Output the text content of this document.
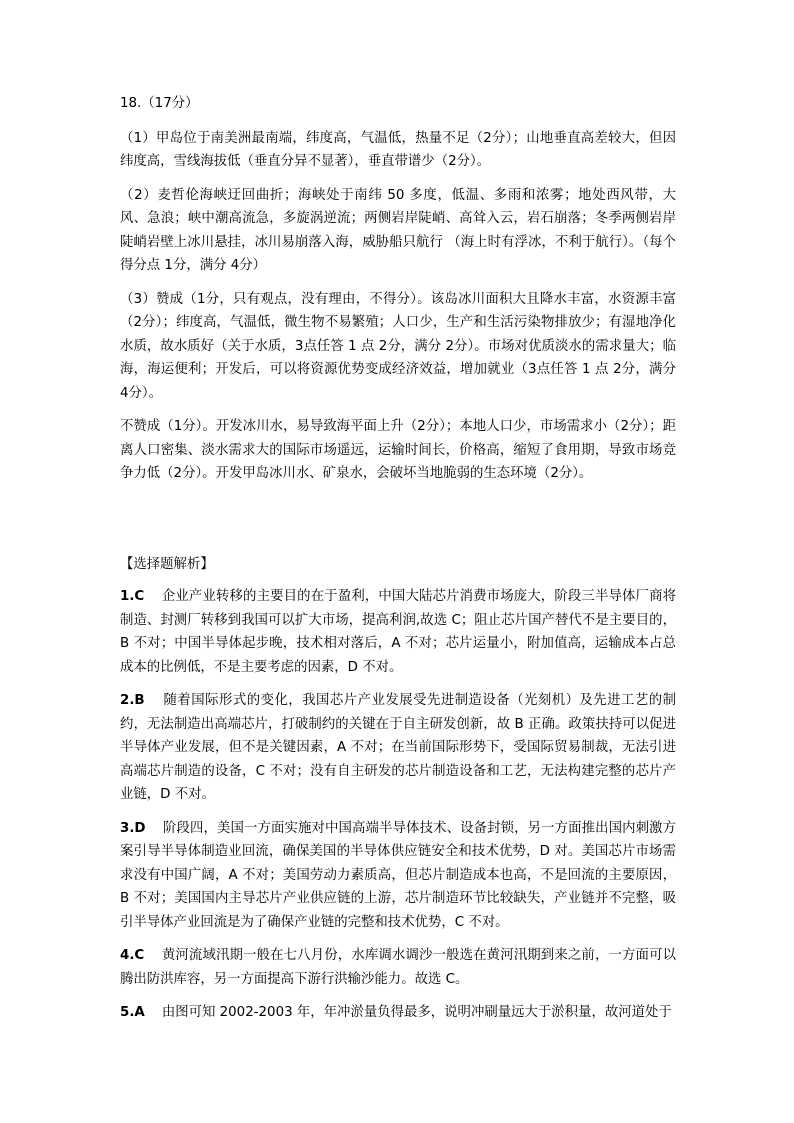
18.（17分）

（1）甲岛位于南美洲最南端，纬度高，气温低，热量不足（2分）；山地垂直高差较大，但因纬度高，雪线海拔低（垂直分异不显著），垂直带谱少（2分）。

（2）麦哲伦海峡迂回曲折；海峡处于南纬 50 多度，低温、多雨和浓雾；地处西风带，大风、急浪；峡中潮高流急，多旋涡逆流；两侧岩岸陡峭、高耸入云，岩石崩落；冬季两侧岩岸陡峭岩壁上冰川悬挂，冰川易崩落入海，威胁船只航行 （海上时有浮冰，不利于航行）。（每个得分点 1分，满分 4分）

（3）赞成（1分，只有观点，没有理由，不得分）。该岛冰川面积大且降水丰富，水资源丰富（2分）；纬度高，气温低，微生物不易繁殖；人口少，生产和生活污染物排放少；有湿地净化水质，故水质好（关于水质，3点任答 1 点 2分，满分 2分）。市场对优质淡水的需求量大；临海，海运便利；开发后，可以将资源优势变成经济效益，增加就业（3点任答 1 点 2分，满分 4分）。

不赞成（1分）。开发冰川水，易导致海平面上升（2分）；本地人口少，市场需求小（2分）；距离人口密集、淡水需求大的国际市场遥远，运输时间长，价格高，缩短了食用期，导致市场竞争力低（2分）。开发甲岛冰川水、矿泉水，会破坏当地脆弱的生态环境（2分）。

【选择题解析】

1.C 企业产业转移的主要目的在于盈利，中国大陆芯片消费市场庞大，阶段三半导体厂商将制造、封测厂转移到我国可以扩大市场，提高利润,故选 C；阻止芯片国产替代不是主要目的，B 不对；中国半导体起步晚，技术相对落后，A 不对；芯片运量小，附加值高，运输成本占总成本的比例低，不是主要考虑的因素，D 不对。

2.B 随着国际形式的变化，我国芯片产业发展受先进制造设备（光刻机）及先进工艺的制约，无法制造出高端芯片，打破制约的关键在于自主研发创新，故 B 正确。政策扶持可以促进半导体产业发展，但不是关键因素，A 不对；在当前国际形势下，受国际贸易制裁，无法引进高端芯片制造的设备，C 不对；没有自主研发的芯片制造设备和工艺，无法构建完整的芯片产业链，D 不对。

3.D 阶段四，美国一方面实施对中国高端半导体技术、设备封锁，另一方面推出国内刺激方案引导半导体制造业回流，确保美国的半导体供应链安全和技术优势，D 对。美国芯片市场需求没有中国广阔，A 不对；美国劳动力素质高，但芯片制造成本也高，不是回流的主要原因，B 不对；美国国内主导芯片产业供应链的上游，芯片制造环节比较缺失，产业链并不完整，吸引半导体产业回流是为了确保产业链的完整和技术优势，C 不对。

4.C 黄河流域汛期一般在七八月份，水库调水调沙一般选在黄河汛期到来之前，一方面可以腾出防洪库容，另一方面提高下游行洪输沙能力。故选 C。

5.A 由图可知 2002-2003 年，年冲淤量负得最多，说明冲刷量远大于淤积量，故河道处于
